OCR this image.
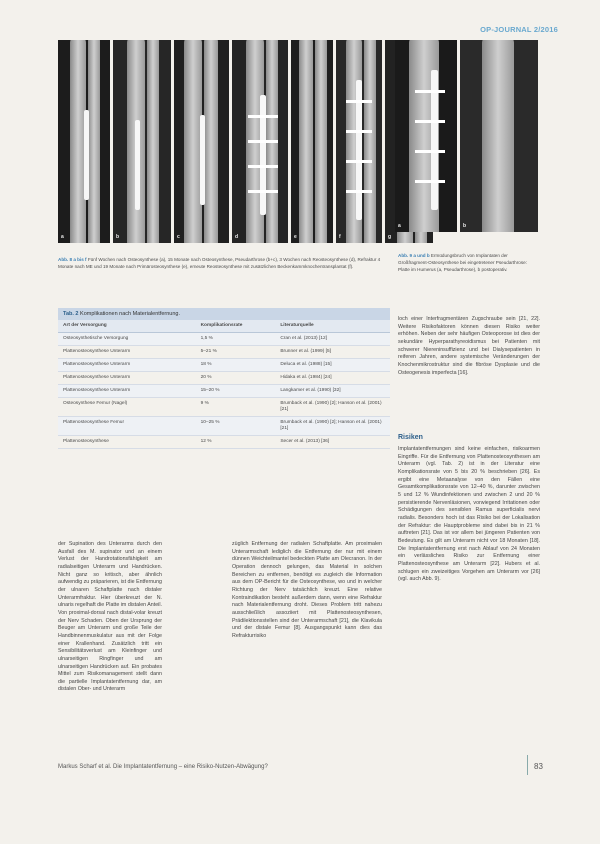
OP-JOURNAL 2/2016
a	b	c	d	e	f	g
a	b
Abb. 8 a bis f Fünf Wochen nach Osteosynthese (a), 15 Monate nach Osteosynthese, Pseudarthrose (b+c), 3 Wochen nach Reosteosynthese (d), Refraktur 4 Monate nach ME und 19 Monate nach Primärosteosynthese (e), erneute Reosteosynthese mit zusätzlichen Beckenkammknochentransplantat (f).
Abb. 9 a und b Ermüdungsbruch von Implantaten der Großfragment-Osteosynthese bei eingetretener Pseudarthrose: Platte im Humerus (a, Pseudarthrose), b postoperativ.
Tab. 2 Komplikationen nach Materialentfernung.
Art der Versorgung	Komplikationsrate	Literaturquelle
Osteosynthetische Versorgung	1,5 %	Cran et al. (2013) [12]
Plattenosteosynthese Unterarm	5–21 %	Brunner et al. (1999) [5]
Plattenosteosynthese Unterarm	18 %	Deluca et al. (1988) [15]
Plattenosteosynthese Unterarm	20 %	Hidaka et al. (1984) [24]
Plattenosteosynthese Unterarm	15–20 %	Langkamer et al. (1990) [32]
Osteosynthese Femur (Nagel)	9 %	Brumback et al. (1990) [2]; Hanson et al. (2001) [21]
Plattenosteosynthese Femur	10–25 %	Brumback et al. (1990) [2]; Hanson et al. (2001) [21]
Plattenosteosynthese	12 %	Secer et al. (2013) [36]
der Supination des Unterarms durch den Ausfall des M. supinator und an einem Verlust der Handrotationsfähigkeit am radialseitigen Unterarm und Handrücken. Nicht ganz so kritisch, aber ähnlich aufwendig zu präparieren, ist die Entfernung der ulnaren Schaftplatte nach distaler Unterarmfraktur. Hier überkreuzt der N. ulnaris regelhaft die Platte im distalen Anteil. Von proximal-dorsal nach distal-volar kreuzt der Nerv Schaden. Oben der Ursprung der Beuger am Unterarm und große Teile der Handbinnenmuskulatur aus mit der Folge einer Krallenhand. Zusätzlich tritt ein Sensibilitätsverlust am Kleinfinger und ulnarseitigen Ringfinger und am ulnarseitigen Handrücken auf. Ein probates Mittel zum Risikomanagement stellt dann die partielle Implantatentfernung dar, am distalen Ober- und Unterarm
züglich Entfernung der radialen Schaftplatte. Am proximalen Unterarmschaft lediglich die Entfernung der nur mit einem dünnen Weichteilmantel bedeckten Platte am Olecranon. In der Operation dennoch gelungen, das Material in solchen Bereichen zu entfernen, benötigt es zugleich die Information aus dem OP-Bericht für die Osteosynthese, wo und in welcher Richtung der Nerv tatsächlich kreuzt. Eine relative Kontraindikation besteht außerdem dann, wenn eine Refraktur nach Materialentfernung droht. Dieses Problem tritt nahezu ausschließlich assoziiert mit Plattenosteosynthesen, Prädilektionsstellen sind der Unterarmschaft [21], die Klavikula und der distale Femur [8]. Ausgangspunkt kann dies das Refrakturrisiko
loch einer Interfragmentären Zugschraube sein [21, 22]. Weitere Risikofaktoren können diesen Risiko weiter erhöhen. Neben der sehr häufigen Osteoporose ist dies der sekundäre Hyperparathyreoidismus bei Patienten mit schwerer Niereninsuffizienz und bei Dialysepatienten in reiferen Jahren, andere systemische Veränderungen der Knochenmikrostruktur sind die fibröse Dysplasie und die Osteogenesis imperfecta [16].
Risiken
Implantatentfernungen sind keine einfachen, risikoarmen Eingriffe. Für die Entfernung von Plattenosteosynthesen am Unterarm (vgl. Tab. 2) ist in der Literatur eine Komplikationsrate von 5 bis 20 % beschrieben [26]. Es ergibt eine Metaanalyse von den Fällen eine Gesamtkomplikationsrate von 12–40 %, darunter zwischen 5 und 12 % Wundinfektionen und zwischen 2 und 20 % persistierende Nervenläsionen, vorwiegend Irritationen oder Schädigungen des sensiblen Ramus superficialis nervi radialis. Besonders hoch ist das Risiko bei der Lokalisation der Refraktur: die Hauptprobleme sind dabei bis in 21 % auftreten [21]. Das ist vor allem bei jüngeren Patienten von Bedeutung. Es gilt am Unterarm nicht vor 18 Monaten [18]. Die Implantatentfernung erst nach Ablauf von 24 Monaten ein verlässliches Risiko zur Entfernung einer Plattenosteosynthese am Unterarm [22]. Hubers et al. schlugen ein zweizeitiges Vorgehen am Unterarm vor [26] (vgl. auch Abb. 9).
Markus Scharf et al. Die Implantatentfernung – eine Risiko-Nutzen-Abwägung?	83
